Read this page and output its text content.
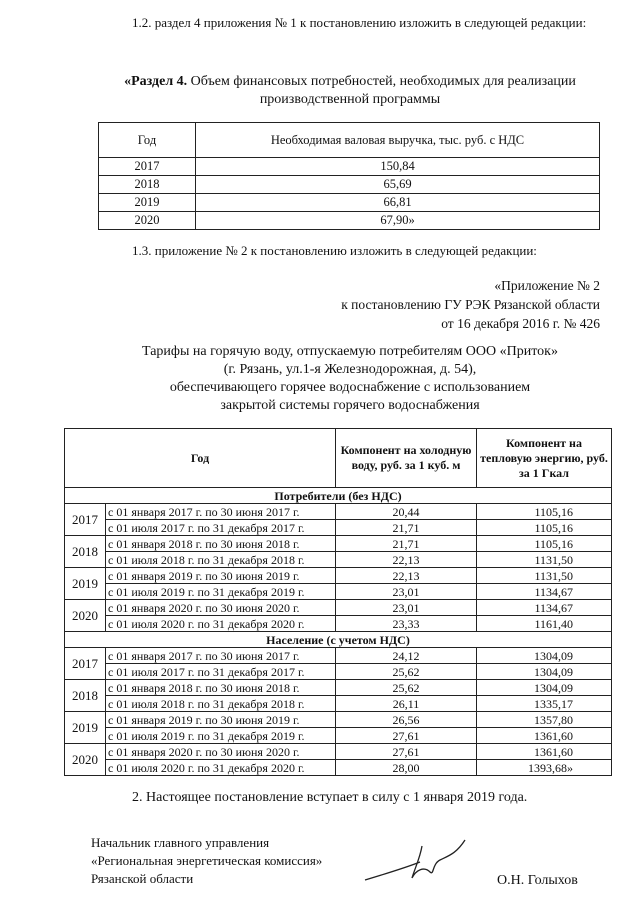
1.2. раздел 4 приложения № 1 к постановлению изложить в следующей редакции:
«Раздел 4. Объем финансовых потребностей, необходимых для реализации производственной программы
Год	Необходимая валовая выручка, тыс. руб. с НДС
2017	150,84
2018	65,69
2019	66,81
2020	67,90»
1.3. приложение № 2 к постановлению изложить в следующей редакции:
«Приложение № 2
к постановлению ГУ РЭК Рязанской области
от 16 декабря 2016 г. № 426
Тарифы на горячую воду, отпускаемую потребителям ООО «Приток»
(г. Рязань, ул.1-я Железнодорожная, д. 54),
обеспечивающего горячее водоснабжение с использованием
закрытой системы горячего водоснабжения
Год		Компонент на холодную воду, руб. за 1 куб. м	Компонент на тепловую энергию, руб. за 1 Гкал
Потребители (без НДС)			
2017	с 01 января 2017 г. по 30 июня 2017 г.	20,44	1105,16
	с 01 июля 2017 г. по 31 декабря 2017 г.	21,71	1105,16
2018	с 01 января 2018 г. по 30 июня 2018 г.	21,71	1105,16
	с 01 июля 2018 г. по 31 декабря 2018 г.	22,13	1131,50
2019	с 01 января 2019 г. по 30 июня 2019 г.	22,13	1131,50
	с 01 июля 2019 г. по 31 декабря 2019 г.	23,01	1134,67
2020	с 01 января 2020 г. по 30 июня 2020 г.	23,01	1134,67
	с 01 июля 2020 г. по 31 декабря 2020 г.	23,33	1161,40
Население (с учетом НДС)			
2017	с 01 января 2017 г. по 30 июня 2017 г.	24,12	1304,09
	с 01 июля 2017 г. по 31 декабря 2017 г.	25,62	1304,09
2018	с 01 января 2018 г. по 30 июня 2018 г.	25,62	1304,09
	с 01 июля 2018 г. по 31 декабря 2018 г.	26,11	1335,17
2019	с 01 января 2019 г. по 30 июня 2019 г.	26,56	1357,80
	с 01 июля 2019 г. по 31 декабря 2019 г.	27,61	1361,60
2020	с 01 января 2020 г. по 30 июня 2020 г.	27,61	1361,60
	с 01 июля 2020 г. по 31 декабря 2020 г.	28,00	1393,68»
2. Настоящее постановление вступает в силу с 1 января 2019 года.
Начальник главного управления
«Региональная энергетическая комиссия»
Рязанской области	О.Н. Голыхов
